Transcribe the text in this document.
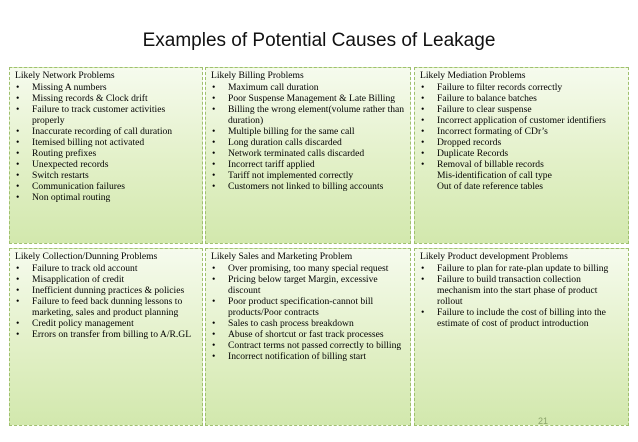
Examples of Potential Causes of Leakage
Likely Network Problems
• Missing A numbers
• Missing records & Clock drift
• Failure to track customer activities properly
• Inaccurate recording of call duration
• Itemised billing not activated
• Routing prefixes
• Unexpected records
• Switch restarts
• Communication failures
• Non optimal routing
Likely Billing Problems
• Maximum call duration
• Poor Suspense Management & Late Billing
• Billing the wrong element(volume rather than duration)
• Multiple billing for the same call
• Long duration calls discarded
• Network terminated calls discarded
• Incorrect tariff applied
• Tariff not implemented correctly
• Customers not linked to billing accounts
Likely Mediation Problems
• Failure to filter records correctly
• Failure to balance batches
• Failure to clear suspense
• Incorrect application of customer identifiers
• Incorrect formating of CDr’s
• Dropped records
• Duplicate Records
• Removal of billable records
Mis-identification of call type
Out of date reference tables
Likely Collection/Dunning Problems
• Failure to track old account
• Misapplication of credit
• Inefficient dunning practices & policies
• Failure to feed back dunning lessons to marketing, sales and product planning
• Credit policy management
• Errors on transfer from billing to A/R.GL
Likely Sales and Marketing Problem
• Over promising, too many special request
• Pricing below target Margin, excessive discount
• Poor product specification-cannot bill products/Poor contracts
• Sales to cash process breakdown
• Abuse of shortcut or fast track processes
• Contract terms not passed correctly to billing
• Incorrect notification of billing start
Likely Product development Problems
• Failure to plan for rate-plan update to billing
• Failure to build transaction collection mechanism into the start phase of product rollout
• Failure to include the cost of billing into the estimate of cost of product introduction
21
